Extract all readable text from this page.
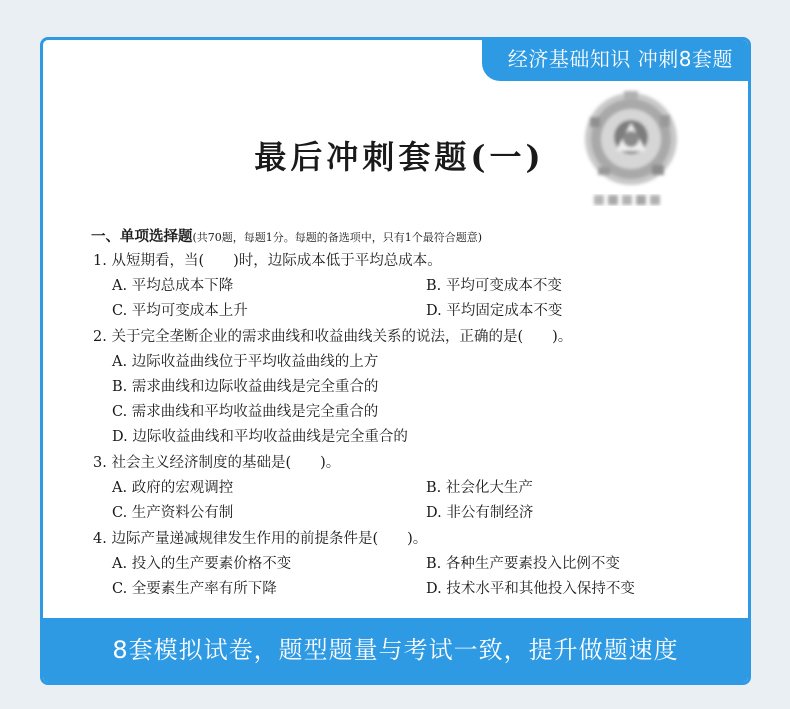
经济基础知识 冲刺8套题
最后冲刺套题(一)
一、单项选择题(共70题，每题1分。每题的备选项中，只有1个最符合题意)
1. 从短期看，当(　　)时，边际成本低于平均总成本。
A. 平均总成本下降	B. 平均可变成本不变
C. 平均可变成本上升	D. 平均固定成本不变
2. 关于完全垄断企业的需求曲线和收益曲线关系的说法，正确的是(　　)。
A. 边际收益曲线位于平均收益曲线的上方
B. 需求曲线和边际收益曲线是完全重合的
C. 需求曲线和平均收益曲线是完全重合的
D. 边际收益曲线和平均收益曲线是完全重合的
3. 社会主义经济制度的基础是(　　)。
A. 政府的宏观调控	B. 社会化大生产
C. 生产资料公有制	D. 非公有制经济
4. 边际产量递减规律发生作用的前提条件是(　　)。
A. 投入的生产要素价格不变	B. 各种生产要素投入比例不变
C. 全要素生产率有所下降	D. 技术水平和其他投入保持不变
8套模拟试卷，题型题量与考试一致，提升做题速度
